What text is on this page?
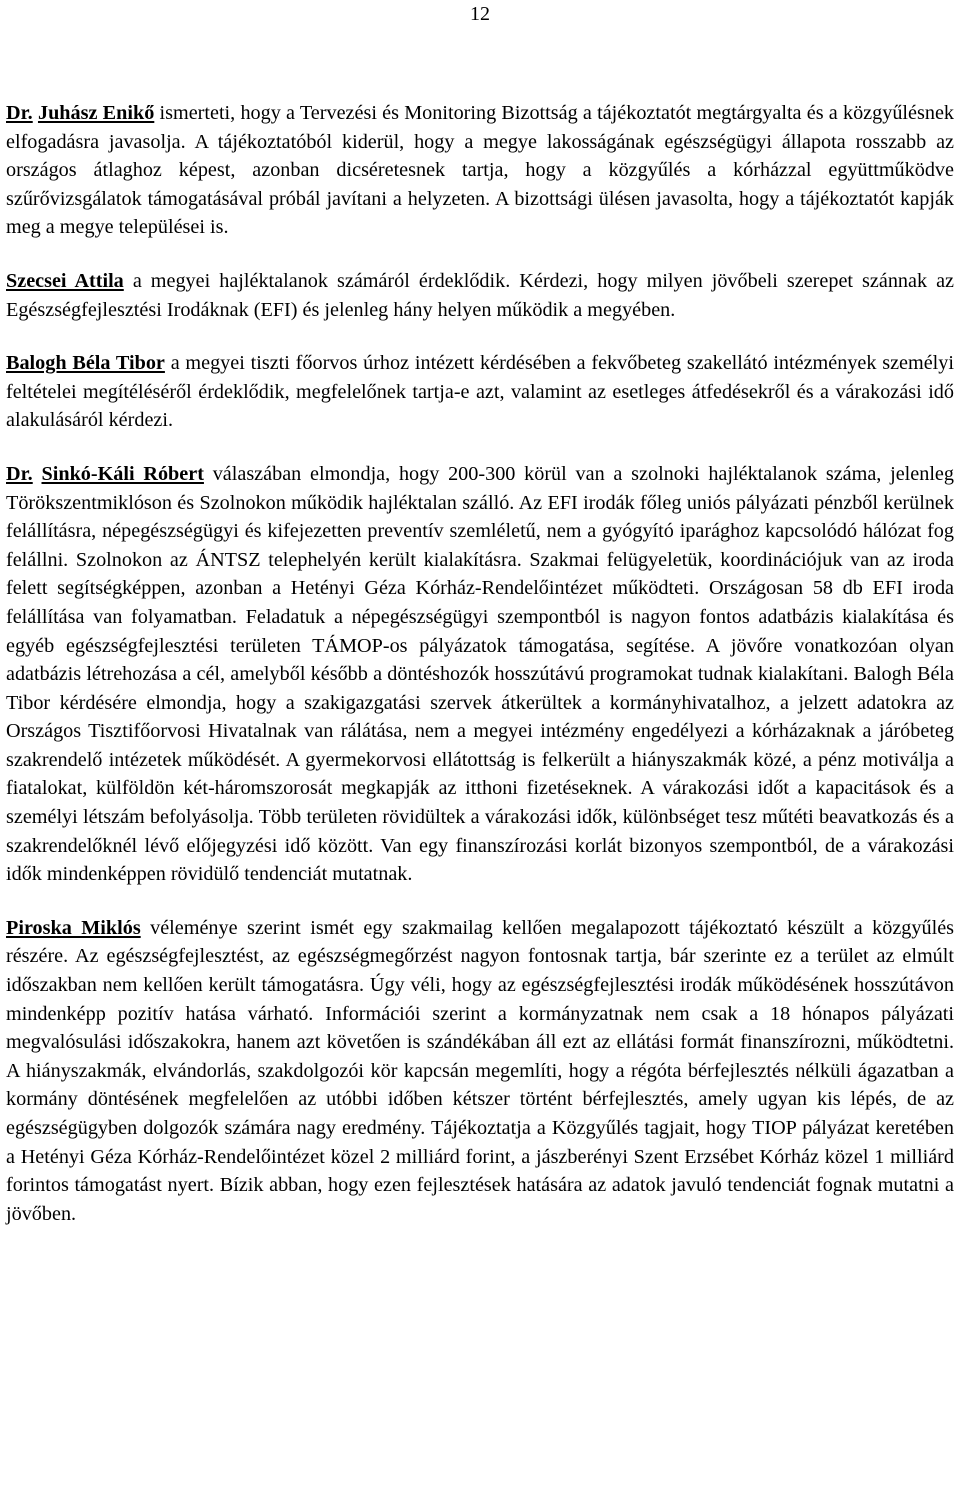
12

Dr. Juhász Enikő ismerteti, hogy a Tervezési és Monitoring Bizottság a tájékoztatót megtárgyalta és a közgyűlésnek elfogadásra javasolja. A tájékoztatóból kiderül, hogy a megye lakosságának egészségügyi állapota rosszabb az országos átlaghoz képest, azonban dicséretesnek tartja, hogy a közgyűlés a kórházzal együttműködve szűrővizsgálatok támogatásával próbál javítani a helyzeten. A bizottsági ülésen javasolta, hogy a tájékoztatót kapják meg a megye települései is.

Szecsei Attila a megyei hajléktalanok számáról érdeklődik. Kérdezi, hogy milyen jövőbeli szerepet szánnak az Egészségfejlesztési Irodáknak (EFI) és jelenleg hány helyen működik a megyében.

Balogh Béla Tibor a megyei tiszti főorvos úrhoz intézett kérdésében a fekvőbeteg szakellátó intézmények személyi feltételei megítéléséről érdeklődik, megfelelőnek tartja-e azt, valamint az esetleges átfedésekről és a várakozási idő alakulásáról kérdezi.

Dr. Sinkó-Káli Róbert válaszában elmondja, hogy 200-300 körül van a szolnoki hajléktalanok száma, jelenleg Törökszentmiklóson és Szolnokon működik hajléktalan szálló. Az EFI irodák főleg uniós pályázati pénzből kerülnek felállításra, népegészségügyi és kifejezetten preventív szemléletű, nem a gyógyító iparághoz kapcsolódó hálózat fog felállni. Szolnokon az ÁNTSZ telephelyén került kialakításra. Szakmai felügyeletük, koordinációjuk van az iroda felett segítségképpen, azonban a Hetényi Géza Kórház-Rendelőintézet működteti. Országosan 58 db EFI iroda felállítása van folyamatban. Feladatuk a népegészségügyi szempontból is nagyon fontos adatbázis kialakítása és egyéb egészségfejlesztési területen TÁMOP-os pályázatok támogatása, segítése. A jövőre vonatkozóan olyan adatbázis létrehozása a cél, amelyből később a döntéshozók hosszútávú programokat tudnak kialakítani. Balogh Béla Tibor kérdésére elmondja, hogy a szakigazgatási szervek átkerültek a kormányhivatalhoz, a jelzett adatokra az Országos Tisztifőorvosi Hivatalnak van rálátása, nem a megyei intézmény engedélyezi a kórházaknak a járóbeteg szakrendelő intézetek működését. A gyermekorvosi ellátottság is felkerült a hiányszakmák közé, a pénz motiválja a fiatalokat, külföldön két-háromszorosát megkapják az itthoni fizetéseknek. A várakozási időt a kapacitások és a személyi létszám befolyásolja. Több területen rövidültek a várakozási idők, különbséget tesz műtéti beavatkozás és a szakrendelőknél lévő előjegyzési idő között. Van egy finanszírozási korlát bizonyos szempontból, de a várakozási idők mindenképpen rövidülő tendenciát mutatnak.

Piroska Miklós véleménye szerint ismét egy szakmailag kellően megalapozott tájékoztató készült a közgyűlés részére. Az egészségfejlesztést, az egészségmegőrzést nagyon fontosnak tartja, bár szerinte ez a terület az elmúlt időszakban nem kellően került támogatásra. Úgy véli, hogy az egészségfejlesztési irodák működésének hosszútávon mindenképp pozitív hatása várható. Információi szerint a kormányzatnak nem csak a 18 hónapos pályázati megvalósulási időszakokra, hanem azt követően is szándékában áll ezt az ellátási formát finanszírozni, működtetni. A hiányszakmák, elvándorlás, szakdolgozói kör kapcsán megemlíti, hogy a régóta bérfejlesztés nélküli ágazatban a kormány döntésének megfelelően az utóbbi időben kétszer történt bérfejlesztés, amely ugyan kis lépés, de az egészségügyben dolgozók számára nagy eredmény. Tájékoztatja a Közgyűlés tagjait, hogy TIOP pályázat keretében a Hetényi Géza Kórház-Rendelőintézet közel 2 milliárd forint, a jászberényi Szent Erzsébet Kórház közel 1 milliárd forintos támogatást nyert. Bízik abban, hogy ezen fejlesztések hatására az adatok javuló tendenciát fognak mutatni a jövőben.
